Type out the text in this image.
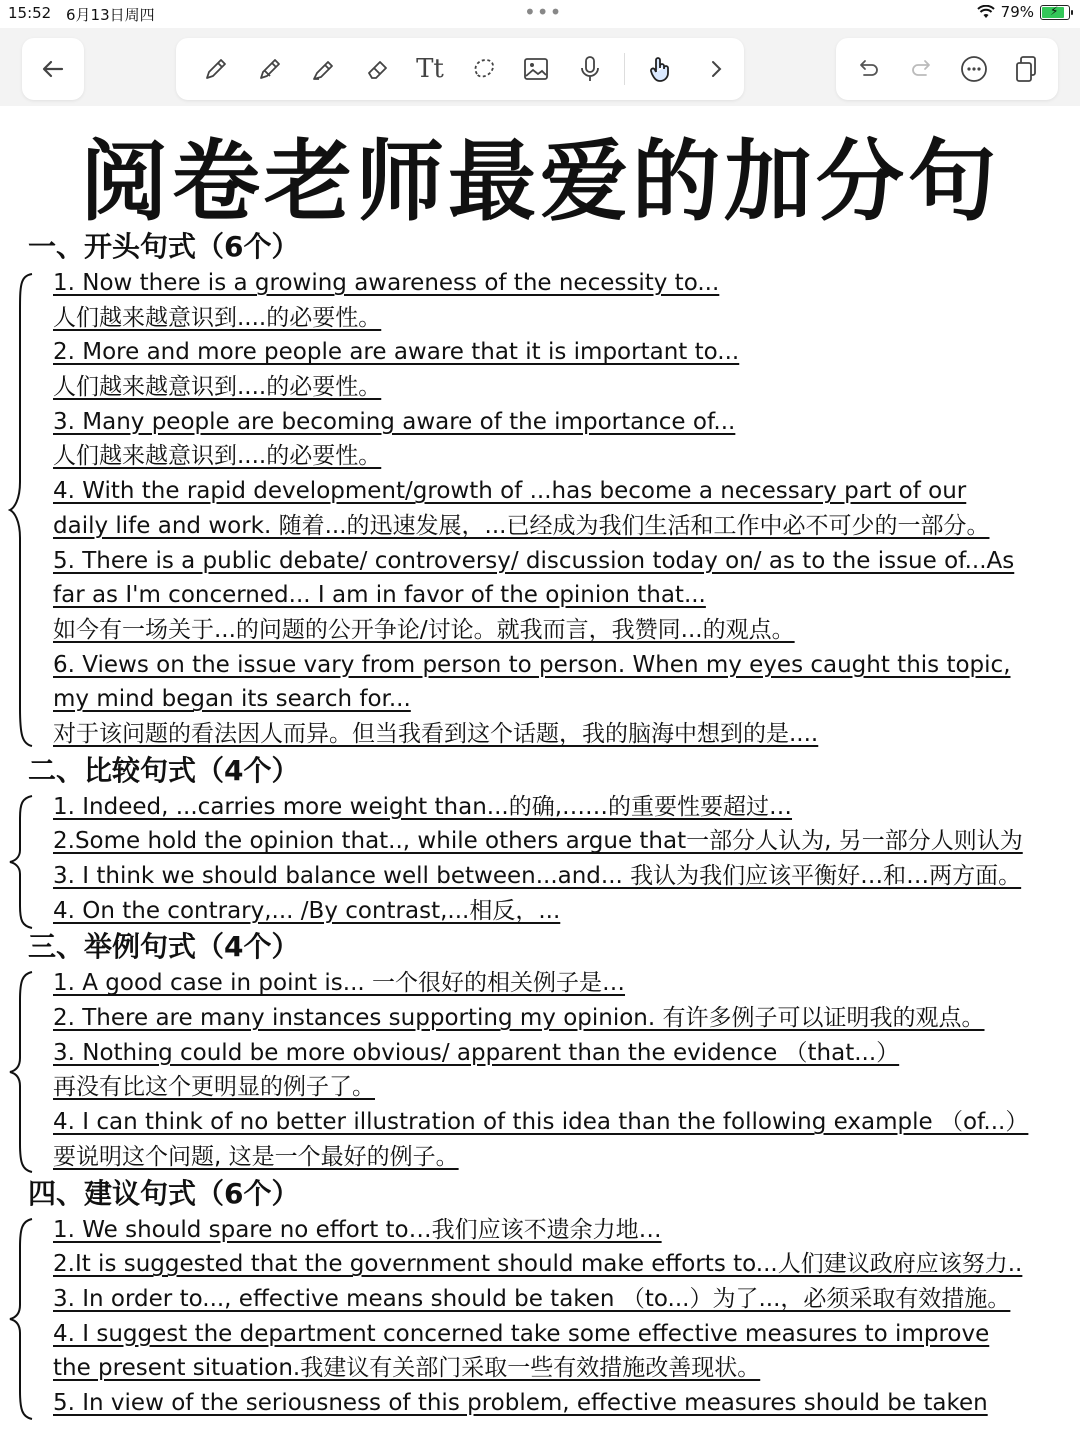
15:52 6月13日周四	•••	79% ⚡
Tt
阅卷老师最爱的加分句
一、开头句式（6个）
1. Now there is a growing awareness of the necessity to...
人们越来越意识到....的必要性。
2. More and more people are aware that it is important to...
人们越来越意识到....的必要性。
3. Many people are becoming aware of the importance of...
人们越来越意识到....的必要性。
4. With the rapid development/growth of ...has become a necessary part of our
daily life and work. 随着...的迅速发展，...已经成为我们生活和工作中必不可少的一部分。
5. There is a public debate/ controversy/ discussion today on/ as to the issue of...As
far as I'm concerned... I am in favor of the opinion that...
如今有一场关于...的问题的公开争论/讨论。就我而言，我赞同...的观点。
6. Views on the issue vary from person to person. When my eyes caught this topic,
my mind began its search for...
对于该问题的看法因人而异。但当我看到这个话题，我的脑海中想到的是....
二、比较句式（4个）
1. Indeed, ...carries more weight than...的确,……的重要性要超过…
2.Some hold the opinion that.., while others argue that一部分人认为, 另一部分人则认为
3. I think we should balance well between...and... 我认为我们应该平衡好…和…两方面。
4. On the contrary,... /By contrast,...相反，...
三、举例句式（4个）
1. A good case in point is... 一个很好的相关例子是…
2. There are many instances supporting my opinion. 有许多例子可以证明我的观点。
3. Nothing could be more obvious/ apparent than the evidence （that...）
再没有比这个更明显的例子了。
4. I can think of no better illustration of this idea than the following example （of...）
要说明这个问题, 这是一个最好的例子。
四、建议句式（6个）
1. We should spare no effort to…我们应该不遗余力地…
2.It is suggested that the government should make efforts to...人们建议政府应该努力..
3. In order to..., effective means should be taken （to...）为了...，必须采取有效措施。
4. I suggest the department concerned take some effective measures to improve
the present situation.我建议有关部门采取一些有效措施改善现状。
5. In view of the seriousness of this problem, effective measures should be taken
